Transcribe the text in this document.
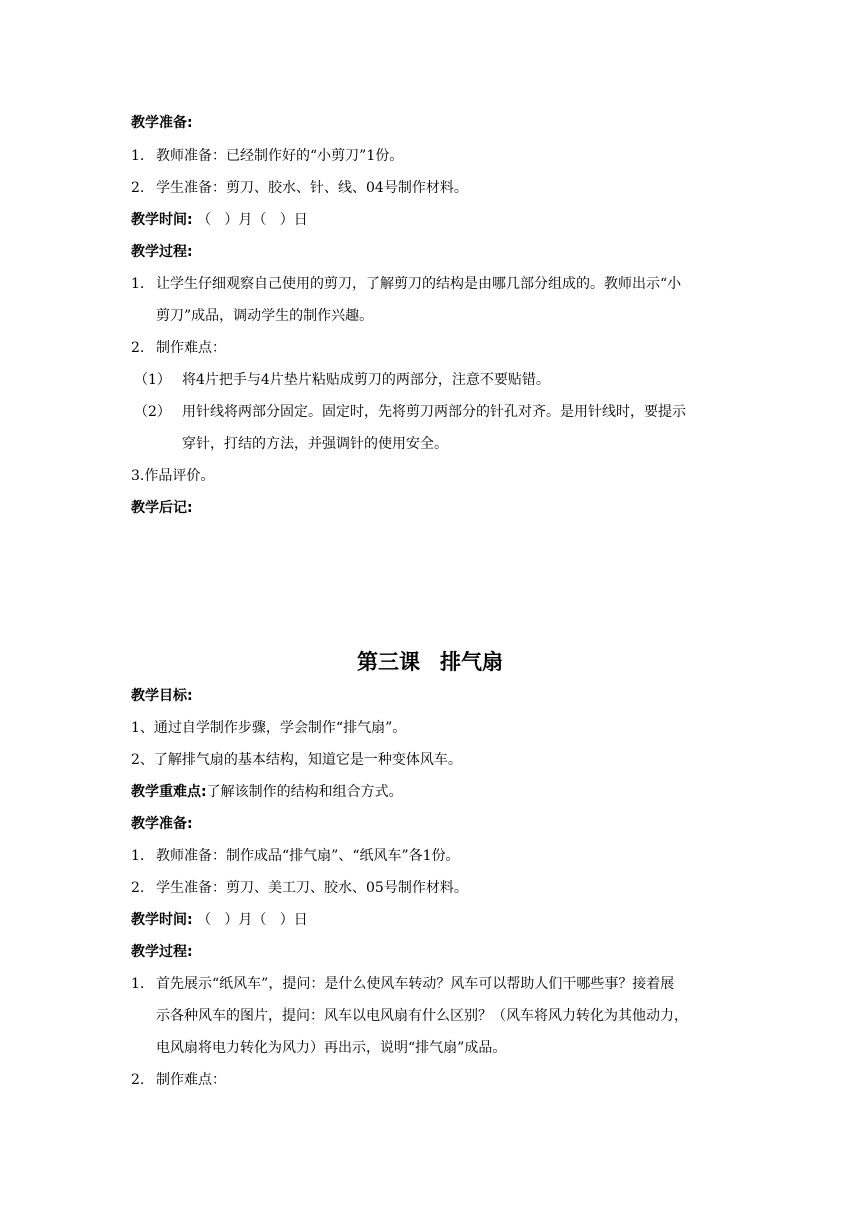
教学准备:
1. 教师准备：已经制作好的“小剪刀”1份。
2. 学生准备：剪刀、胶水、针、线、04号制作材料。
教学时间: （   ）月（   ）日
教学过程:
1. 让学生仔细观察自己使用的剪刀，了解剪刀的结构是由哪几部分组成的。教师出示“小
剪刀”成品，调动学生的制作兴趣。
2. 制作难点：
（1） 将4片把手与4片垫片粘贴成剪刀的两部分，注意不要贴错。
（2） 用针线将两部分固定。固定时，先将剪刀两部分的针孔对齐。是用针线时，要提示
穿针，打结的方法，并强调针的使用安全。
3.作品评价。
教学后记:
第三课 排气扇
教学目标:
1、通过自学制作步骤，学会制作“排气扇”。
2、了解排气扇的基本结构，知道它是一种变体风车。
教学重难点:了解该制作的结构和组合方式。
教学准备:
1. 教师准备：制作成品“排气扇”、“纸风车”各1份。
2. 学生准备：剪刀、美工刀、胶水、05号制作材料。
教学时间: （   ）月（   ）日
教学过程:
1. 首先展示“纸风车”，提问：是什么使风车转动？风车可以帮助人们干哪些事？接着展
示各种风车的图片，提问：风车以电风扇有什么区别？（风车将风力转化为其他动力，
电风扇将电力转化为风力）再出示，说明“排气扇”成品。
2. 制作难点：
